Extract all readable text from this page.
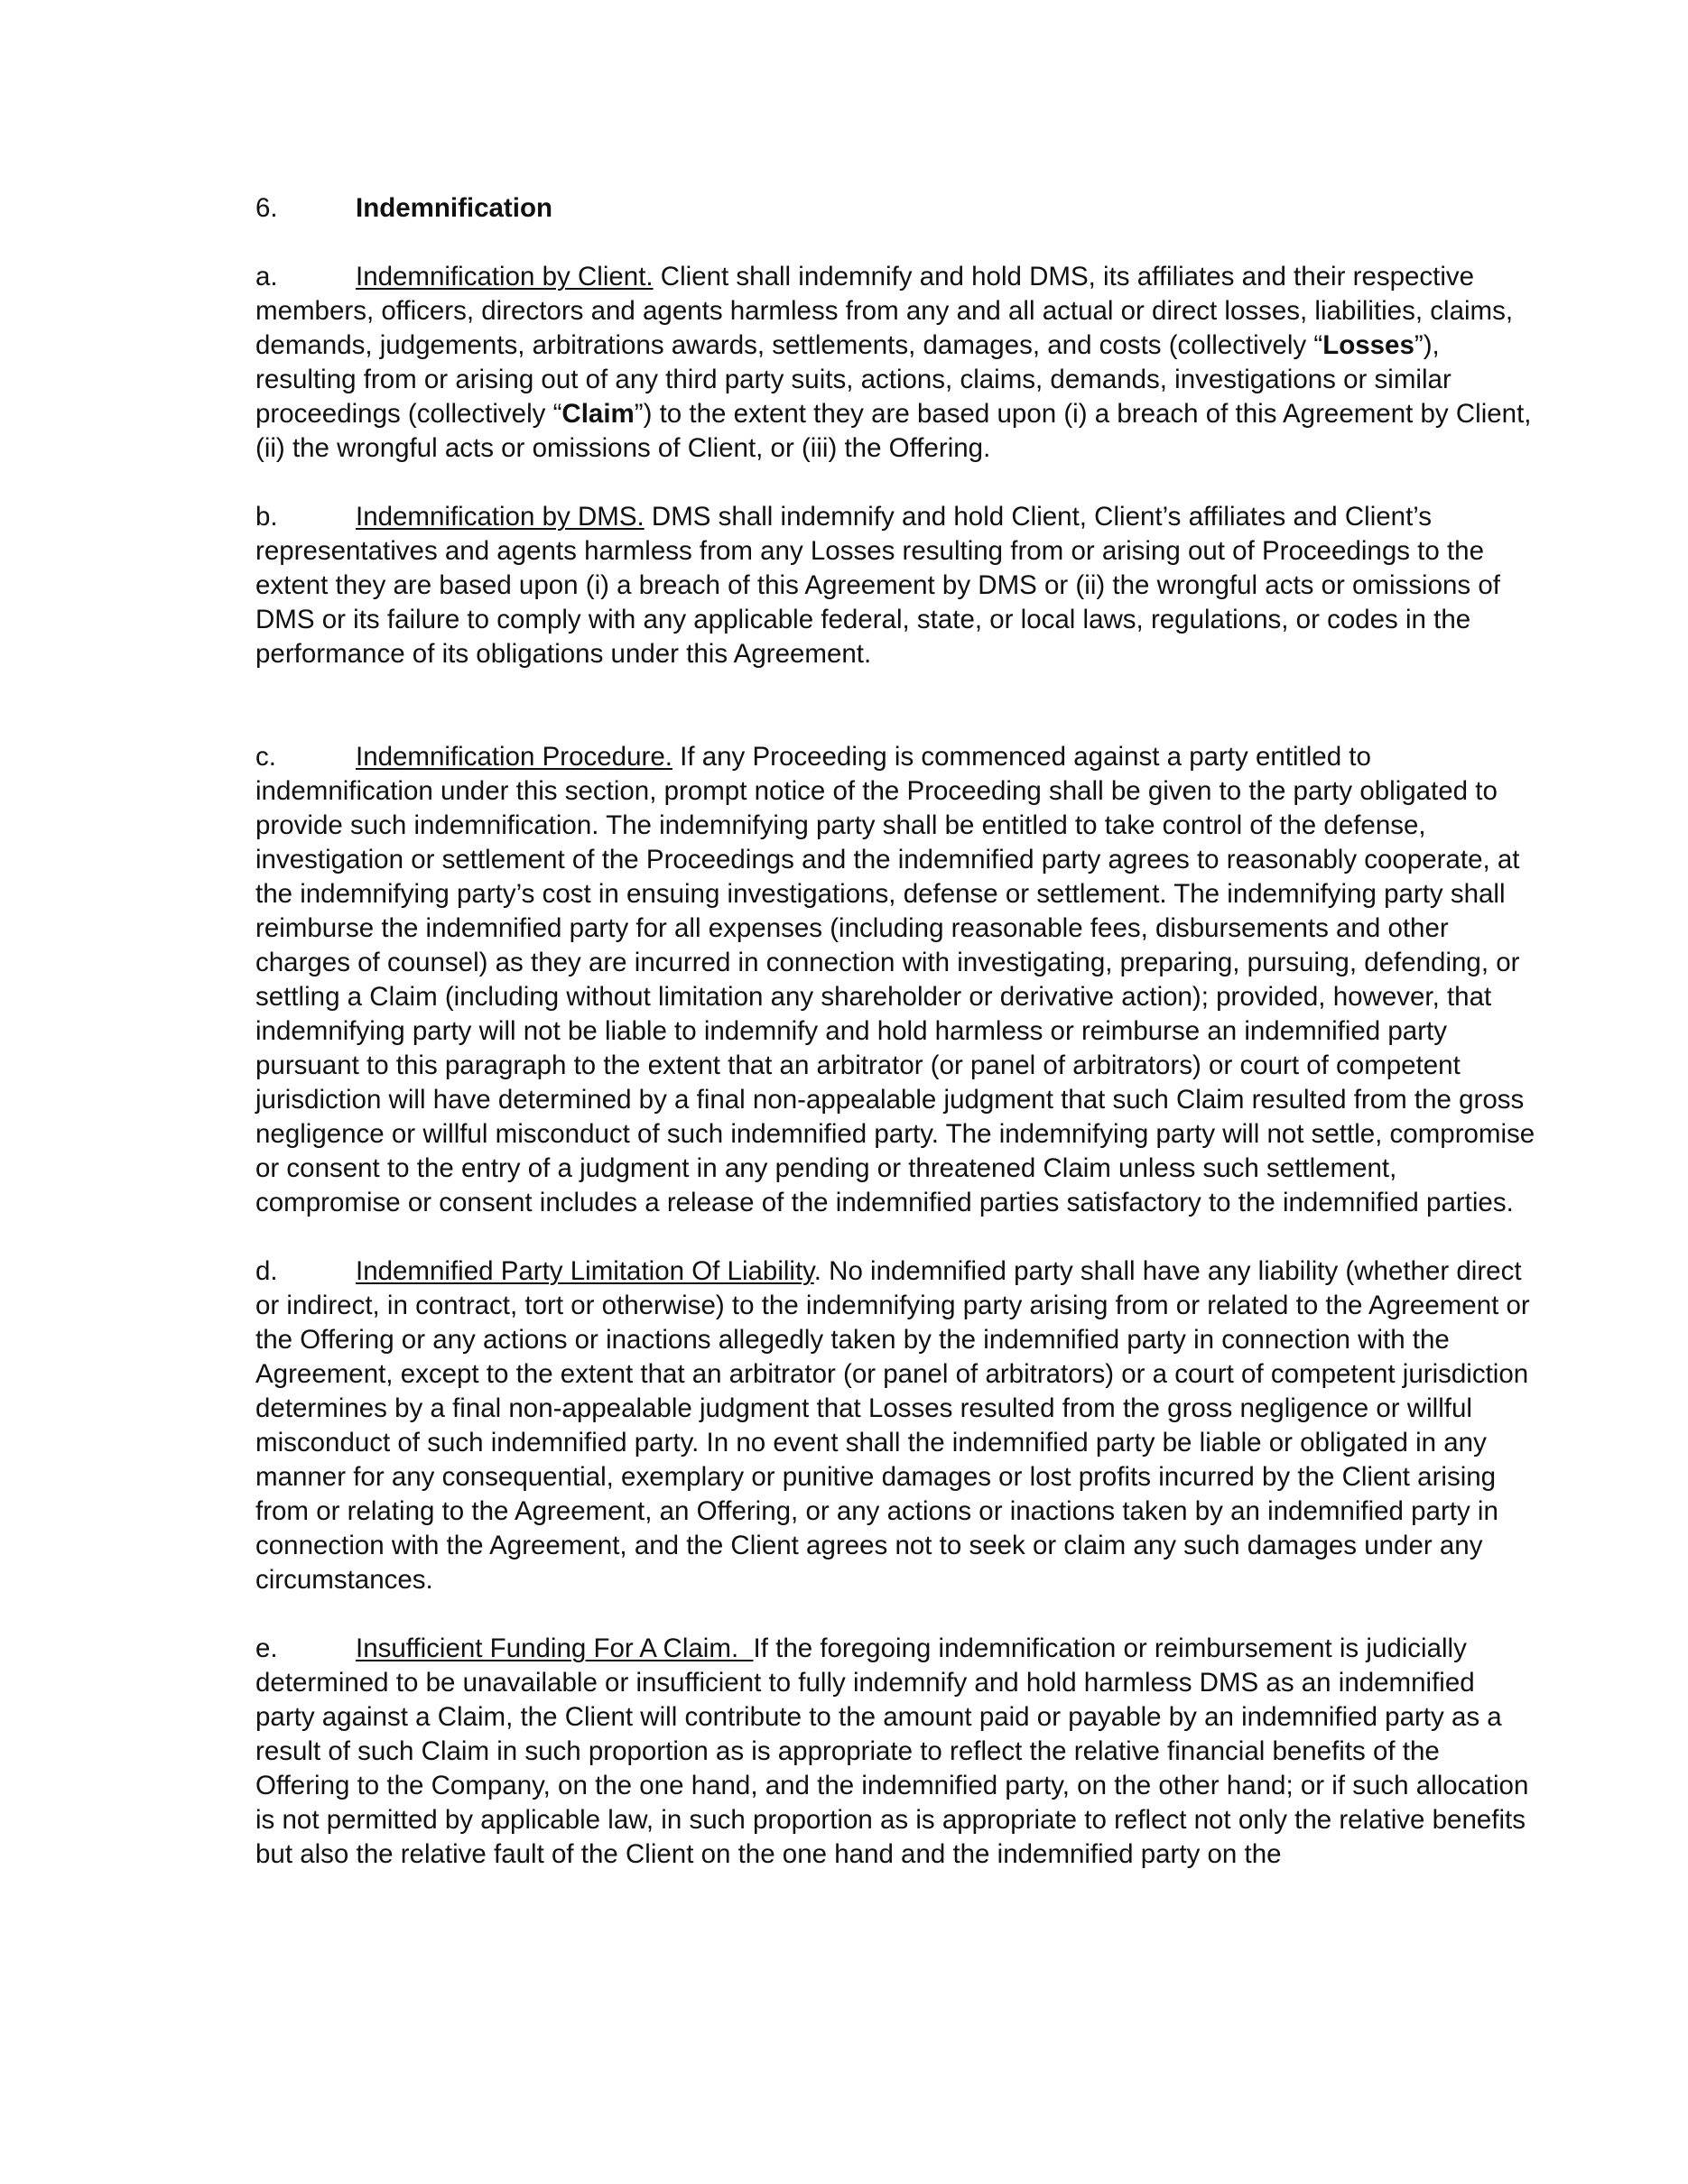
6.	Indemnification

a.	Indemnification by Client. Client shall indemnify and hold DMS, its affiliates and their respective members, officers, directors and agents harmless from any and all actual or direct losses, liabilities, claims, demands, judgements, arbitrations awards, settlements, damages, and costs (collectively “Losses”), resulting from or arising out of any third party suits, actions, claims, demands, investigations or similar proceedings (collectively “Claim”) to the extent they are based upon (i) a breach of this Agreement by Client, (ii) the wrongful acts or omissions of Client, or (iii) the Offering.

b.	Indemnification by DMS. DMS shall indemnify and hold Client, Client’s affiliates and Client’s representatives and agents harmless from any Losses resulting from or arising out of Proceedings to the extent they are based upon (i) a breach of this Agreement by DMS or (ii) the wrongful acts or omissions of DMS or its failure to comply with any applicable federal, state, or local laws, regulations, or codes in the performance of its obligations under this Agreement.

c.	Indemnification Procedure. If any Proceeding is commenced against a party entitled to indemnification under this section, prompt notice of the Proceeding shall be given to the party obligated to provide such indemnification. The indemnifying party shall be entitled to take control of the defense, investigation or settlement of the Proceedings and the indemnified party agrees to reasonably cooperate, at the indemnifying party’s cost in ensuing investigations, defense or settlement. The indemnifying party shall reimburse the indemnified party for all expenses (including reasonable fees, disbursements and other charges of counsel) as they are incurred in connection with investigating, preparing, pursuing, defending, or settling a Claim (including without limitation any shareholder or derivative action); provided, however, that indemnifying party will not be liable to indemnify and hold harmless or reimburse an indemnified party pursuant to this paragraph to the extent that an arbitrator (or panel of arbitrators) or court of competent jurisdiction will have determined by a final non-appealable judgment that such Claim resulted from the gross negligence or willful misconduct of such indemnified party. The indemnifying party will not settle, compromise or consent to the entry of a judgment in any pending or threatened Claim unless such settlement, compromise or consent includes a release of the indemnified parties satisfactory to the indemnified parties.

d.	Indemnified Party Limitation Of Liability. No indemnified party shall have any liability (whether direct or indirect, in contract, tort or otherwise) to the indemnifying party arising from or related to the Agreement or the Offering or any actions or inactions allegedly taken by the indemnified party in connection with the Agreement, except to the extent that an arbitrator (or panel of arbitrators) or a court of competent jurisdiction determines by a final non-appealable judgment that Losses resulted from the gross negligence or willful misconduct of such indemnified party. In no event shall the indemnified party be liable or obligated in any manner for any consequential, exemplary or punitive damages or lost profits incurred by the Client arising from or relating to the Agreement, an Offering, or any actions or inactions taken by an indemnified party in connection with the Agreement, and the Client agrees not to seek or claim any such damages under any circumstances.

e.	Insufficient Funding For A Claim.  If the foregoing indemnification or reimbursement is judicially determined to be unavailable or insufficient to fully indemnify and hold harmless DMS as an indemnified party against a Claim, the Client will contribute to the amount paid or payable by an indemnified party as a result of such Claim in such proportion as is appropriate to reflect the relative financial benefits of the Offering to the Company, on the one hand, and the indemnified party, on the other hand; or if such allocation is not permitted by applicable law, in such proportion as is appropriate to reflect not only the relative benefits but also the relative fault of the Client on the one hand and the indemnified party on the
